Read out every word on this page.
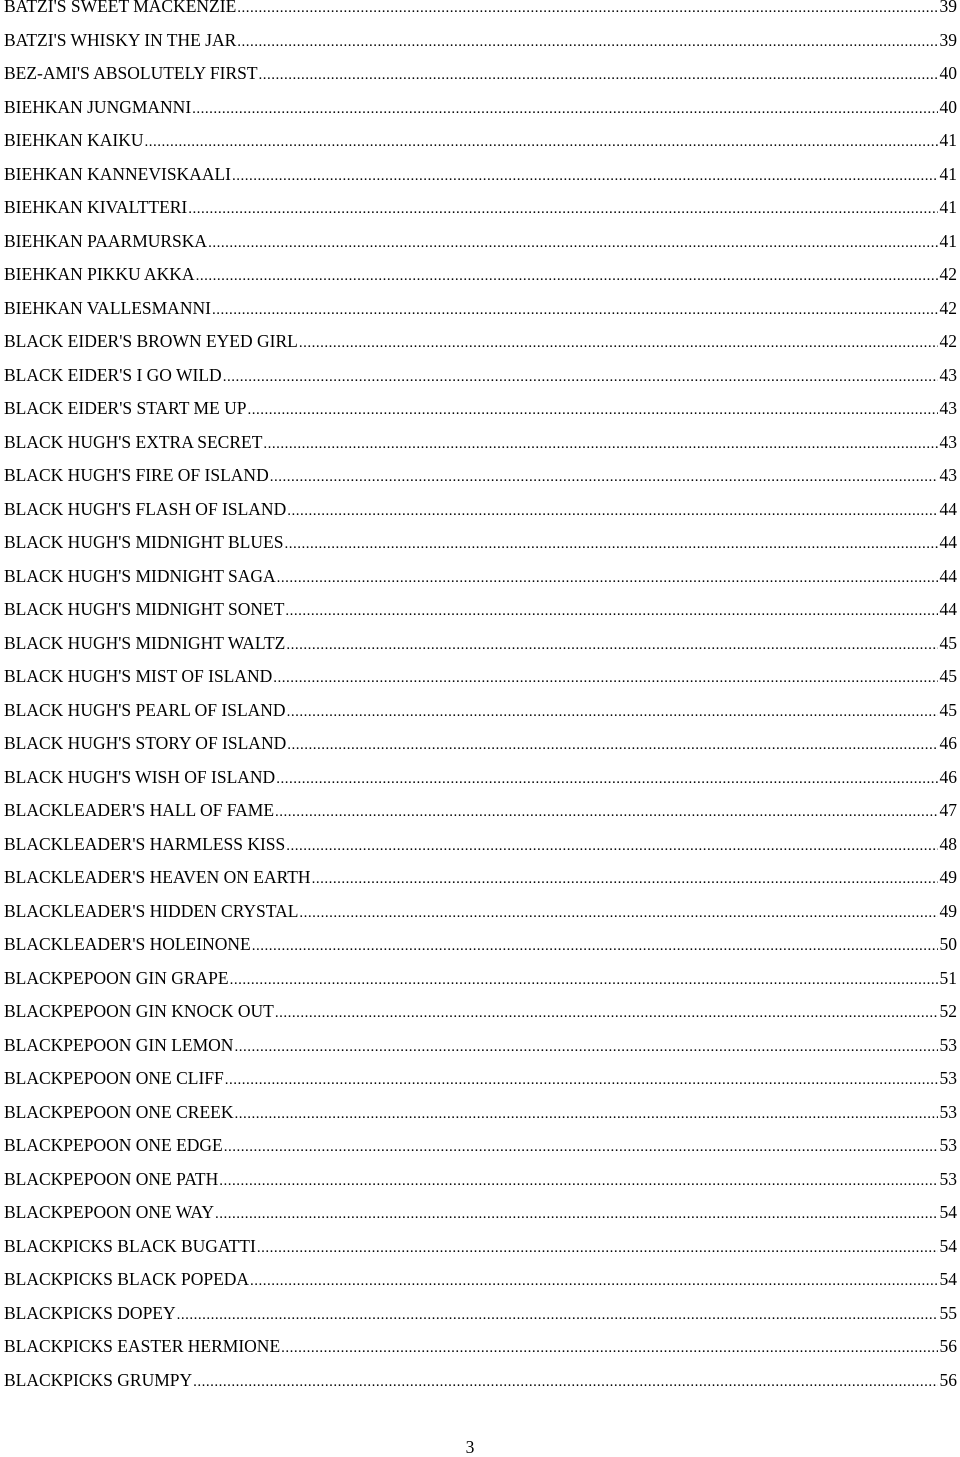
BATZI'S SWEET MACKENZIE .....	39
BATZI'S WHISKY IN THE JAR .....	39
BEZ-AMI'S ABSOLUTELY FIRST .....	40
BIEHKAN JUNGMANNI .....	40
BIEHKAN KAIKU .....	41
BIEHKAN KANNEVISKAALI .....	41
BIEHKAN KIVALTTERI .....	41
BIEHKAN PAARMURSKA .....	41
BIEHKAN PIKKU AKKA .....	42
BIEHKAN VALLESMANNI .....	42
BLACK EIDER'S BROWN EYED GIRL .....	42
BLACK EIDER'S I GO WILD .....	43
BLACK EIDER'S START ME UP .....	43
BLACK HUGH'S EXTRA SECRET .....	43
BLACK HUGH'S FIRE OF ISLAND .....	43
BLACK HUGH'S FLASH OF ISLAND .....	44
BLACK HUGH'S MIDNIGHT BLUES .....	44
BLACK HUGH'S MIDNIGHT SAGA .....	44
BLACK HUGH'S MIDNIGHT SONET .....	44
BLACK HUGH'S MIDNIGHT WALTZ .....	45
BLACK HUGH'S MIST OF ISLAND .....	45
BLACK HUGH'S PEARL OF ISLAND .....	45
BLACK HUGH'S STORY OF ISLAND .....	46
BLACK HUGH'S WISH OF ISLAND .....	46
BLACKLEADER'S HALL OF FAME .....	47
BLACKLEADER'S HARMLESS KISS .....	48
BLACKLEADER'S HEAVEN ON EARTH .....	49
BLACKLEADER'S HIDDEN CRYSTAL .....	49
BLACKLEADER'S HOLEINONE .....	50
BLACKPEPOON GIN GRAPE .....	51
BLACKPEPOON GIN KNOCK OUT .....	52
BLACKPEPOON GIN LEMON .....	53
BLACKPEPOON ONE CLIFF .....	53
BLACKPEPOON ONE CREEK .....	53
BLACKPEPOON ONE EDGE .....	53
BLACKPEPOON ONE PATH .....	53
BLACKPEPOON ONE WAY .....	54
BLACKPICKS BLACK BUGATTI .....	54
BLACKPICKS BLACK POPEDA .....	54
BLACKPICKS DOPEY .....	55
BLACKPICKS EASTER HERMIONE .....	56
BLACKPICKS GRUMPY .....	56
3
